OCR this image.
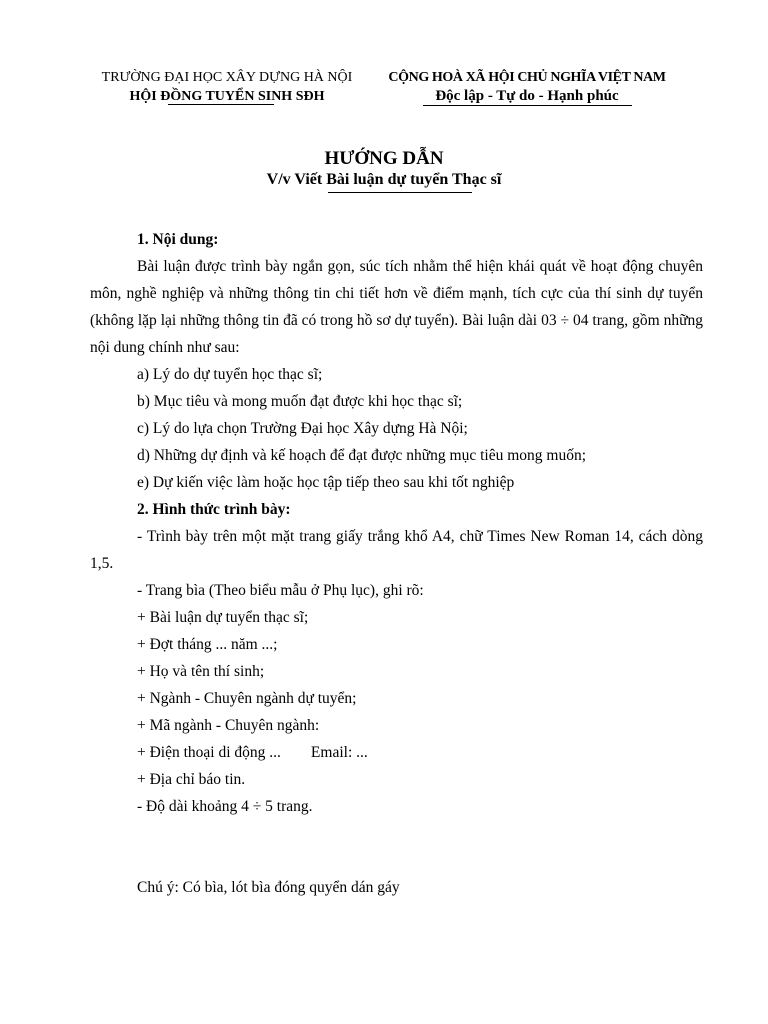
TRƯỜNG ĐẠI HỌC XÂY DỰNG HÀ NỘI
HỘI ĐỒNG TUYỂN SINH SĐH
CỘNG HOÀ XÃ HỘI CHỦ NGHĨA VIỆT NAM
Độc lập - Tự do - Hạnh phúc
HƯỚNG DẪN
V/v Viết Bài luận dự tuyển Thạc sĩ

1. Nội dung:

Bài luận được trình bày ngắn gọn, súc tích nhằm thể hiện khái quát về hoạt động chuyên môn, nghề nghiệp và những thông tin chi tiết hơn về điểm mạnh, tích cực của thí sinh dự tuyển (không lặp lại những thông tin đã có trong hồ sơ dự tuyển). Bài luận dài 03 ÷ 04 trang, gồm những nội dung chính như sau:

a) Lý do dự tuyển học thạc sĩ;

b) Mục tiêu và mong muốn đạt được khi học thạc sĩ;

c) Lý do lựa chọn Trường Đại học Xây dựng Hà Nội;

d) Những dự định và kế hoạch để đạt được những mục tiêu mong muốn;

e) Dự kiến việc làm hoặc học tập tiếp theo sau khi tốt nghiệp

2. Hình thức trình bày:

- Trình bày trên một mặt trang giấy trắng khổ A4, chữ Times New Roman 14, cách dòng 1,5.

- Trang bìa (Theo biểu mẫu ở Phụ lục), ghi rõ:

+ Bài luận dự tuyển thạc sĩ;

+ Đợt tháng ... năm ...;

+ Họ và tên thí sinh;

+ Ngành - Chuyên ngành dự tuyển;

+ Mã ngành - Chuyên ngành:

+ Điện thoại di động ... Email: ...

+ Địa chỉ báo tin.

- Độ dài khoảng 4 ÷ 5 trang.

Chú ý: Có bìa, lót bìa đóng quyển dán gáy
